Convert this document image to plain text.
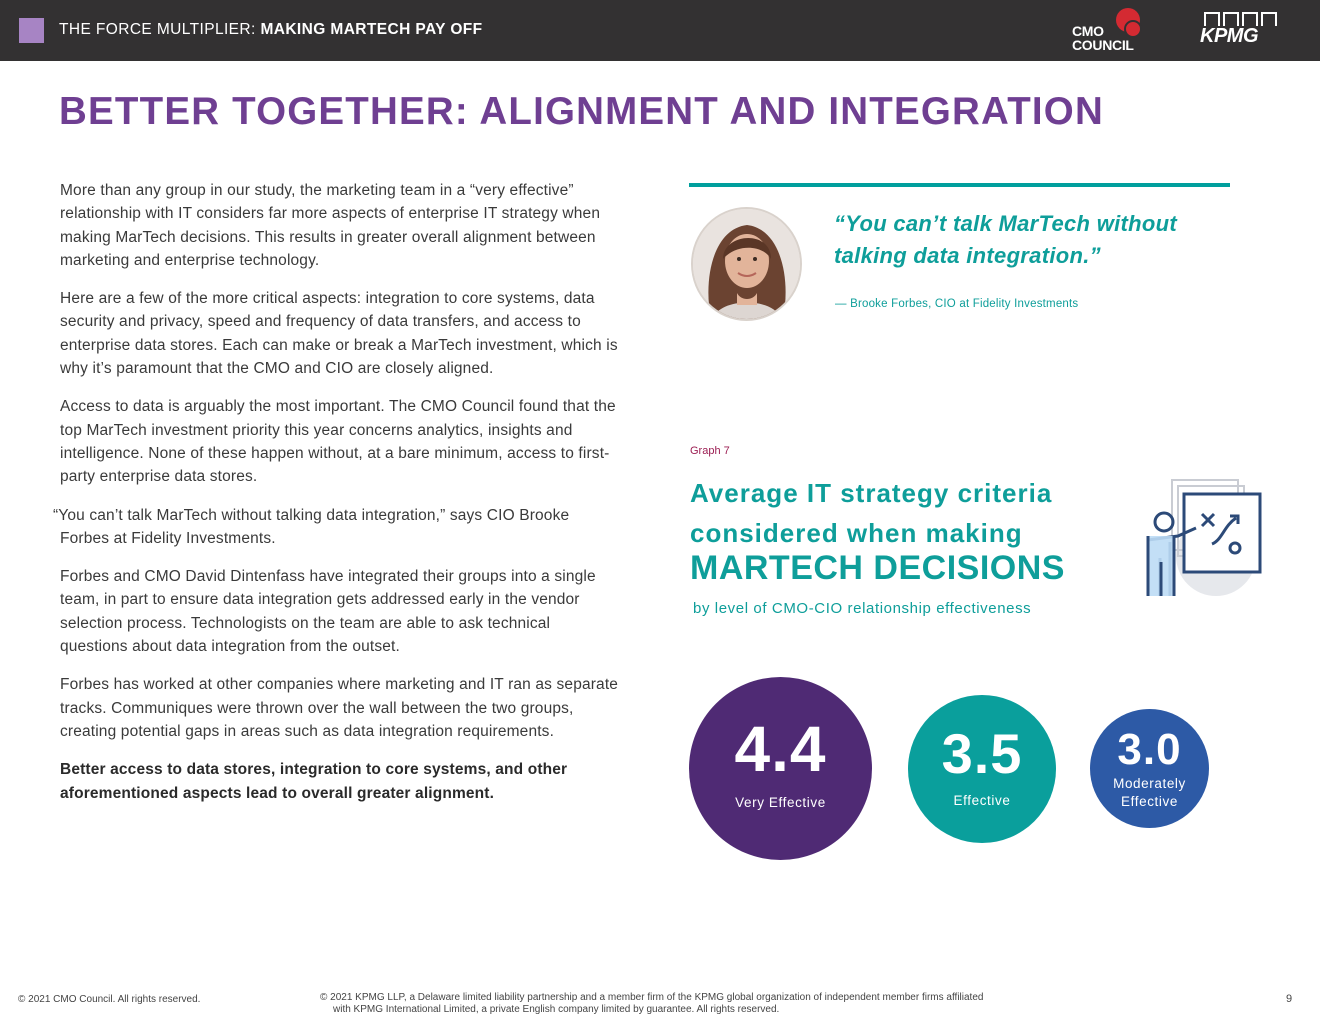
THE FORCE MULTIPLIER: MAKING MARTECH PAY OFF	CMO
COUNCIL	KPMG
BETTER TOGETHER: ALIGNMENT AND INTEGRATION

More than any group in our study, the marketing team in a “very effective” relationship with IT considers far more aspects of enterprise IT strategy when making MarTech decisions. This results in greater overall alignment between marketing and enterprise technology.

Here are a few of the more critical aspects: integration to core systems, data security and privacy, speed and frequency of data transfers, and access to enterprise data stores. Each can make or break a MarTech investment, which is why it’s paramount that the CMO and CIO are closely aligned.

Access to data is arguably the most important. The CMO Council found that the top MarTech investment priority this year concerns analytics, insights and intelligence. None of these happen without, at a bare minimum, access to first-party enterprise data stores.

“You can’t talk MarTech without talking data integration,” says CIO Brooke Forbes at Fidelity Investments.

Forbes and CMO David Dintenfass have integrated their groups into a single team, in part to ensure data integration gets addressed early in the vendor selection process. Technologists on the team are able to ask technical questions about data integration from the outset.

Forbes has worked at other companies where marketing and IT ran as separate tracks. Communiques were thrown over the wall between the two groups, creating potential gaps in areas such as data integration requirements.

Better access to data stores, integration to core systems, and other aforementioned aspects lead to overall greater alignment.

“You can’t talk MarTech without talking data integration.”
— Brooke Forbes, CIO at Fidelity Investments
Graph 7
Average IT strategy criteria
considered when making
MARTECH DECISIONS
by level of CMO-CIO relationship effectiveness
4.4
Very Effective
3.5
Effective
3.0
Moderately
Effective
© 2021 CMO Council. All rights reserved.	© 2021 KPMG LLP, a Delaware limited liability partnership and a member firm of the KPMG global organization of independent member firms affiliated
with KPMG International Limited, a private English company limited by guarantee. All rights reserved.
9
